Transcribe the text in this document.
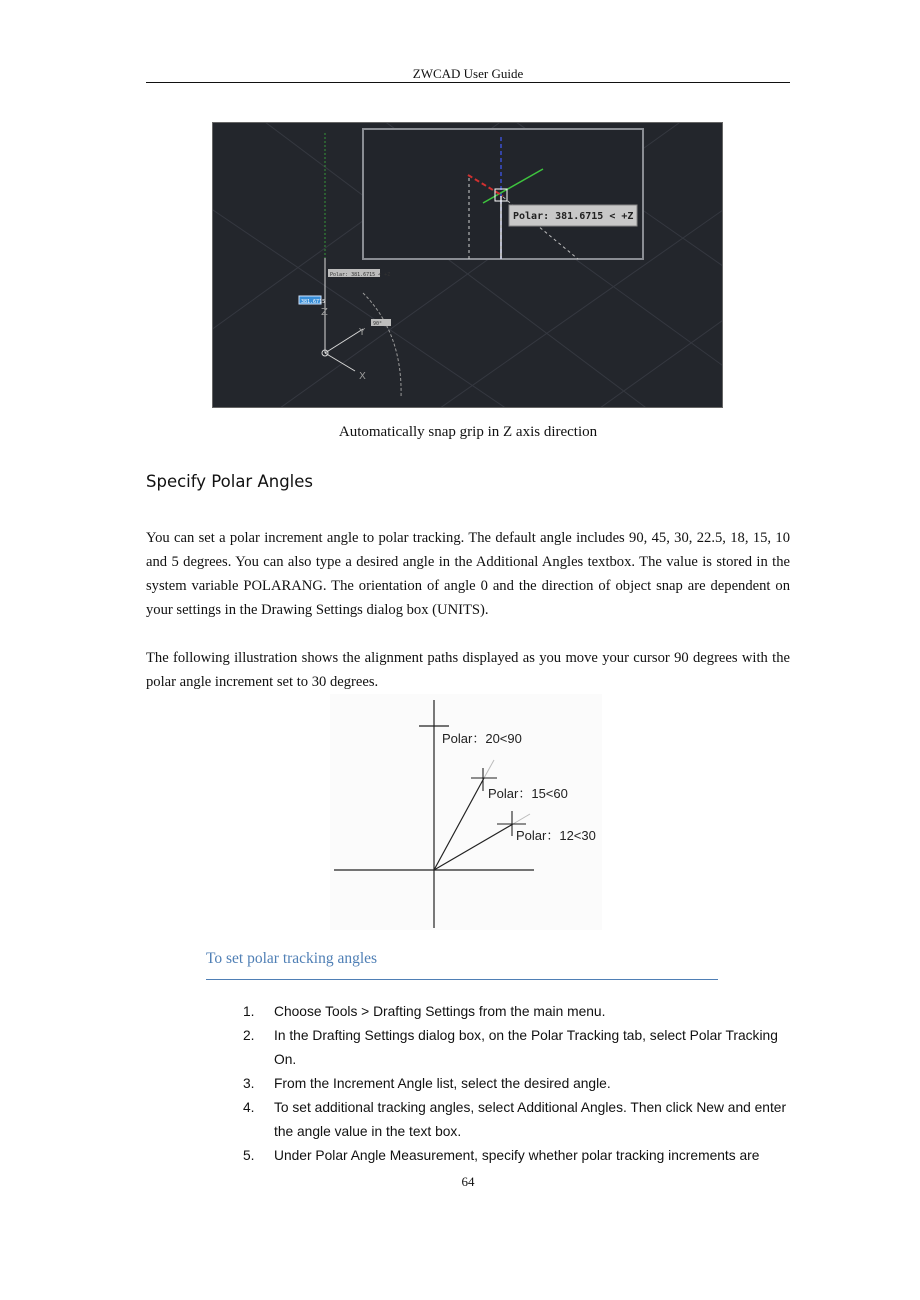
ZWCAD User Guide
Polar: 381.6715 < +Z
Polar: 381.6715 < +Z
381.6715
90°
Z
Y
X
Automatically snap grip in Z axis direction
Specify Polar Angles
You can set a polar increment angle to polar tracking. The default angle includes 90, 45, 30, 22.5, 18, 15, 10 and 5 degrees. You can also type a desired angle in the Additional Angles textbox. The value is stored in the system variable POLARANG. The orientation of angle 0 and the direction of object snap are dependent on your settings in the Drawing Settings dialog box (UNITS).
The following illustration shows the alignment paths displayed as you move your cursor 90 degrees with the polar angle increment set to 30 degrees.
Polar：20<90
Polar：15<60
Polar：12<30
To set polar tracking angles
1. Choose Tools > Drafting Settings from the main menu.
2. In the Drafting Settings dialog box, on the Polar Tracking tab, select Polar Tracking On.
3. From the Increment Angle list, select the desired angle.
4. To set additional tracking angles, select Additional Angles. Then click New and enter the angle value in the text box.
5. Under Polar Angle Measurement, specify whether polar tracking increments are
64
